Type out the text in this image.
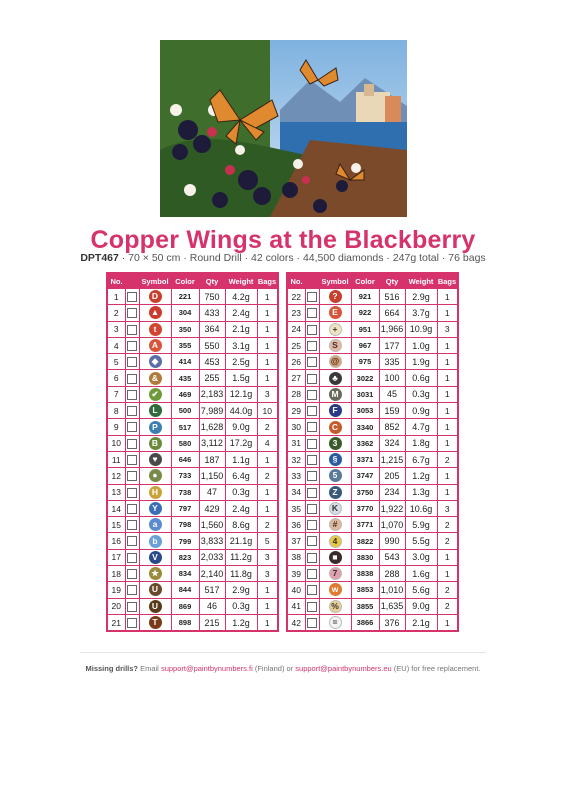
Copper Wings at the Blackberry
DPT467 · 70 × 50 cm · Round Drill · 42 colors · 44,500 diamonds · 247g total · 76 bags
No.		Symbol	Color	Qty	Weight	Bags
1		D	221	750	4.2g	1
2		▲	304	433	2.4g	1
3		t	350	364	2.1g	1
4		A	355	550	3.1g	1
5		◆	414	453	2.5g	1
6		&	435	255	1.5g	1
7		✔	469	2,183	12.1g	3
8		L	500	7,989	44.0g	10
9		P	517	1,628	9.0g	2
10		B	580	3,112	17.2g	4
11		♥	646	187	1.1g	1
12		●	733	1,150	6.4g	2
13		H	738	47	0.3g	1
14		Y	797	429	2.4g	1
15		a	798	1,560	8.6g	2
16		b	799	3,833	21.1g	5
17		V	823	2,033	11.2g	3
18		★	834	2,140	11.8g	3
19		U	844	517	2.9g	1
20		U	869	46	0.3g	1
21		T	898	215	1.2g	1
No.		Symbol	Color	Qty	Weight	Bags
22		?	921	516	2.9g	1
23		E	922	664	3.7g	1
24		+	951	1,966	10.9g	3
25		S	967	177	1.0g	1
26		@	975	335	1.9g	1
27		♣	3022	100	0.6g	1
28		M	3031	45	0.3g	1
29		F	3053	159	0.9g	1
30		C	3340	852	4.7g	1
31		3	3362	324	1.8g	1
32		§	3371	1,215	6.7g	2
33		5	3747	205	1.2g	1
34		Z	3750	234	1.3g	1
35		K	3770	1,922	10.6g	3
36		#	3771	1,070	5.9g	2
37		4	3822	990	5.5g	2
38		■	3830	543	3.0g	1
39		7	3838	288	1.6g	1
40		w	3853	1,010	5.6g	2
41		%	3855	1,635	9.0g	2
42		=	3866	376	2.1g	1
Missing drills? Email support@paintbynumbers.fi (Finland) or support@paintbynumbers.eu (EU) for free replacement.
